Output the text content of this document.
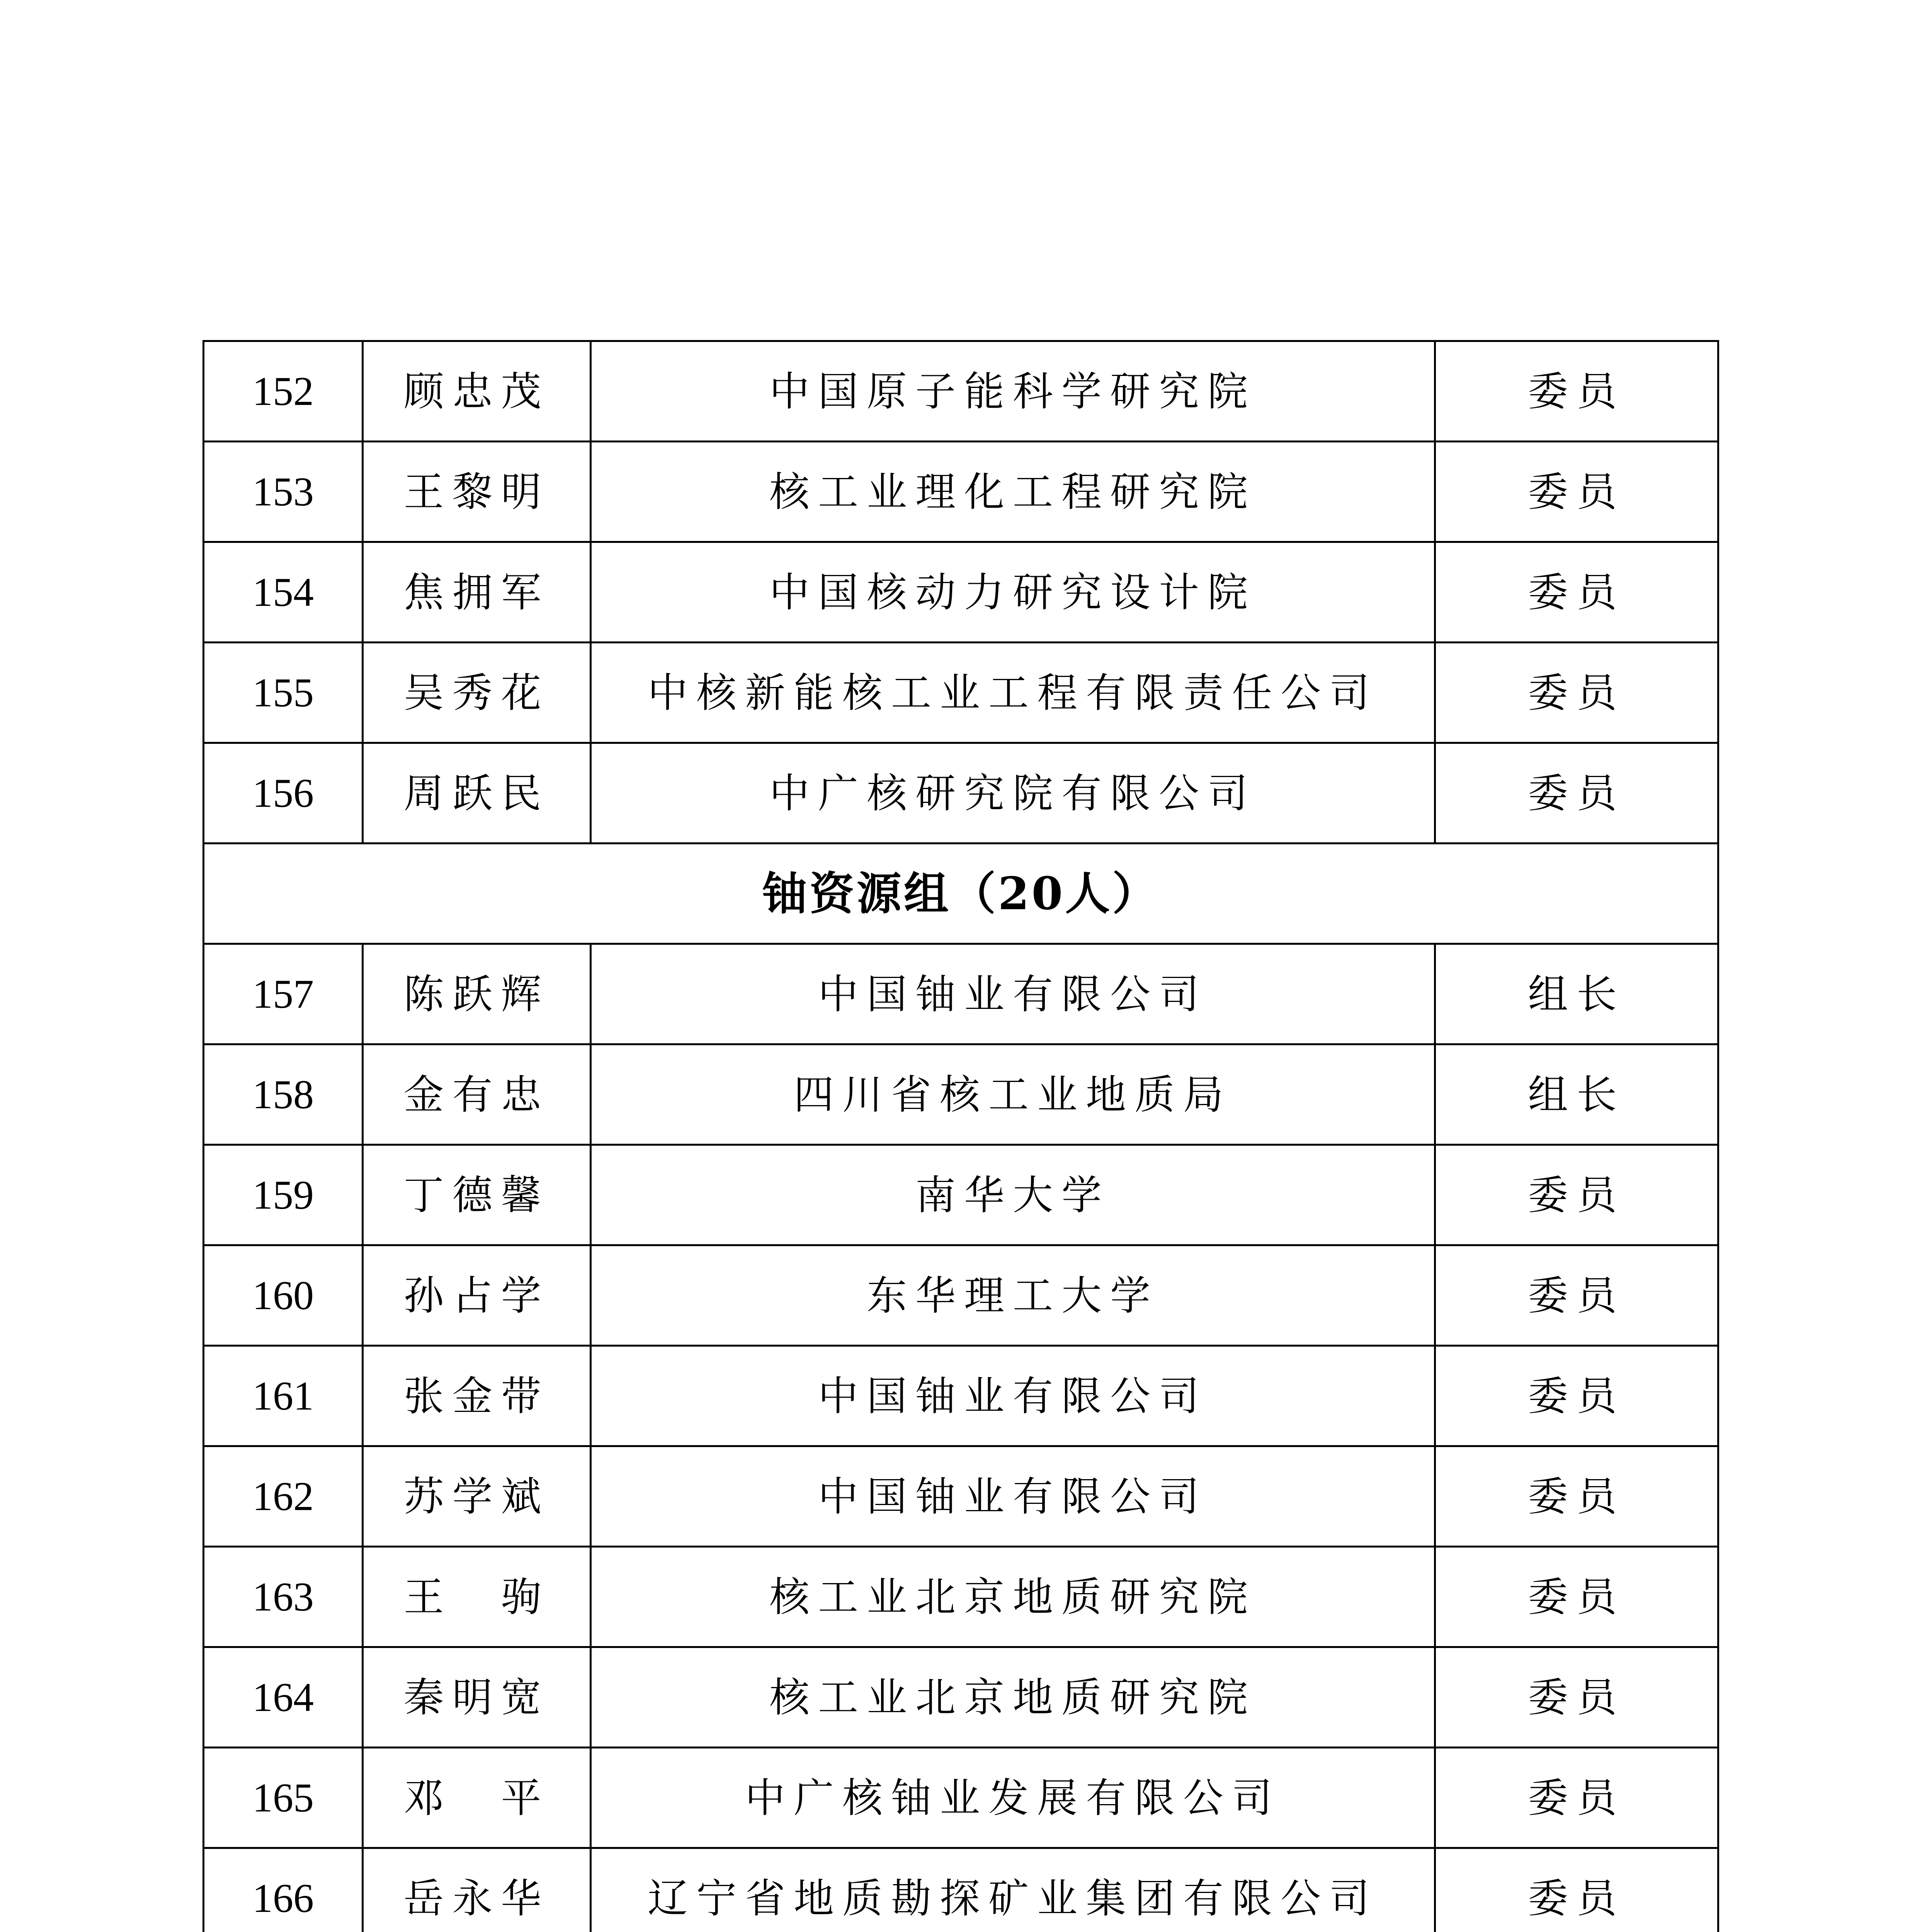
152	顾忠茂	中国原子能科学研究院	委员
153	王黎明	核工业理化工程研究院	委员
154	焦拥军	中国核动力研究设计院	委员
155	吴秀花	中核新能核工业工程有限责任公司	委员
156	周跃民	中广核研究院有限公司	委员
铀资源组（20人）			
157	陈跃辉	中国铀业有限公司	组长
158	金有忠	四川省核工业地质局	组长
159	丁德馨	南华大学	委员
160	孙占学	东华理工大学	委员
161	张金带	中国铀业有限公司	委员
162	苏学斌	中国铀业有限公司	委员
163	王　驹	核工业北京地质研究院	委员
164	秦明宽	核工业北京地质研究院	委员
165	邓　平	中广核铀业发展有限公司	委员
166	岳永华	辽宁省地质勘探矿业集团有限公司	委员
